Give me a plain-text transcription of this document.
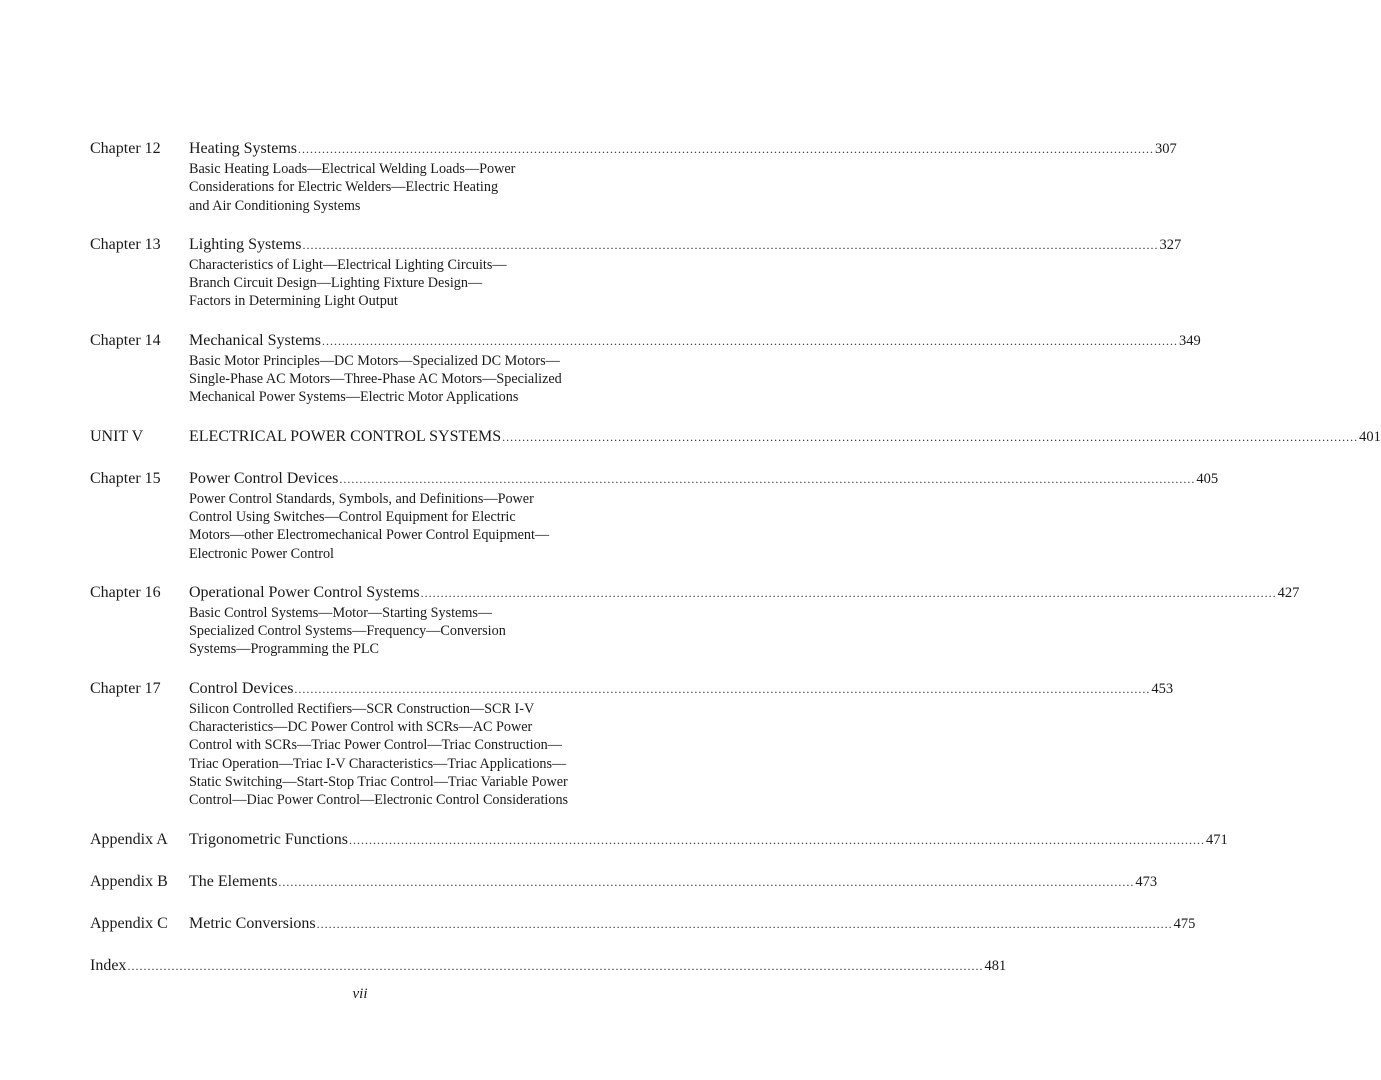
Chapter 12	Heating Systems .....	307
Basic Heating Loads—Electrical Welding Loads—Power
Considerations for Electric Welders—Electric Heating
and Air Conditioning Systems
Chapter 13	Lighting Systems .....	327
Characteristics of Light—Electrical Lighting Circuits—
Branch Circuit Design—Lighting Fixture Design—
Factors in Determining Light Output
Chapter 14	Mechanical Systems .....	349
Basic Motor Principles—DC Motors—Specialized DC Motors—
Single-Phase AC Motors—Three-Phase AC Motors—Specialized
Mechanical Power Systems—Electric Motor Applications
UNIT V	ELECTRICAL POWER CONTROL SYSTEMS .....	401
Chapter 15	Power Control Devices .....	405
Power Control Standards, Symbols, and Definitions—Power
Control Using Switches—Control Equipment for Electric
Motors—other Electromechanical Power Control Equipment—
Electronic Power Control
Chapter 16	Operational Power Control Systems .....	427
Basic Control Systems—Motor—Starting Systems—
Specialized Control Systems—Frequency—Conversion
Systems—Programming the PLC
Chapter 17	Control Devices .....	453
Silicon Controlled Rectifiers—SCR Construction—SCR I-V
Characteristics—DC Power Control with SCRs—AC Power
Control with SCRs—Triac Power Control—Triac Construction—
Triac Operation—Triac I-V Characteristics—Triac Applications—
Static Switching—Start-Stop Triac Control—Triac Variable Power
Control—Diac Power Control—Electronic Control Considerations
Appendix A	Trigonometric Functions .....	471
Appendix B	The Elements .....	473
Appendix C	Metric Conversions .....	475
Index .....	481
vii
